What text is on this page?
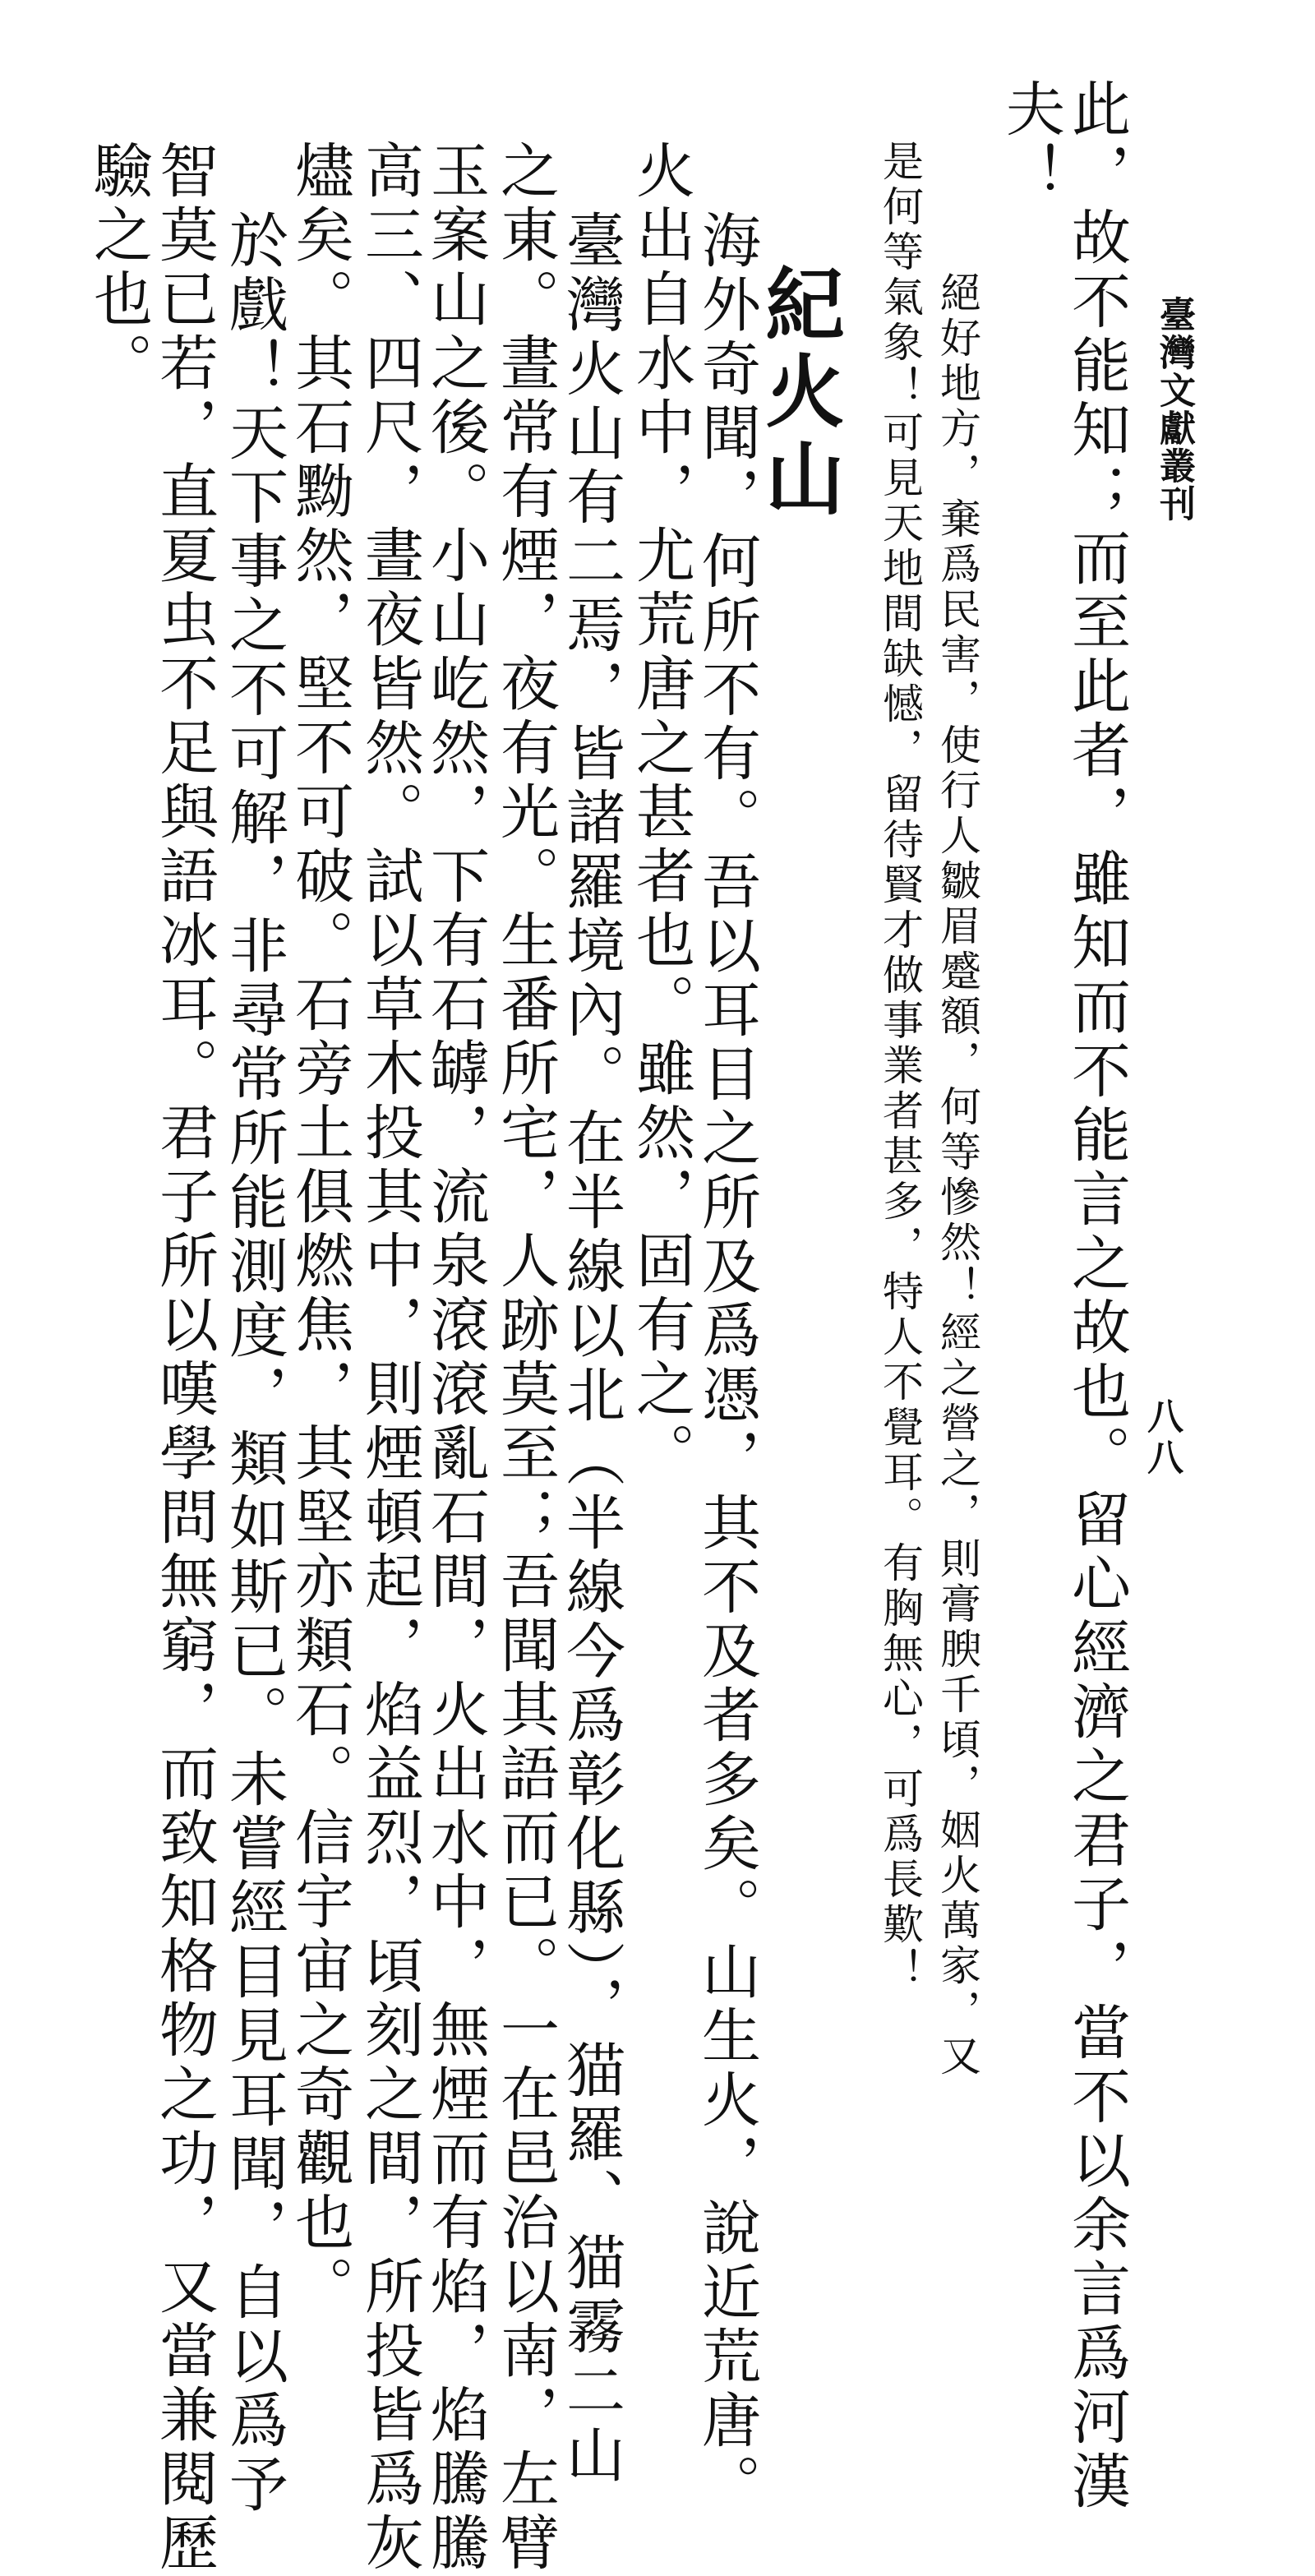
臺灣文獻叢刊
八八
此，故不能知；而至此者，雖知而不能言之故也。留心經濟之君子，當不以余言爲河漢
夫！
絕好地方，棄爲民害，使行人皺眉蹙額，何等慘然！經之營之，則膏腴千頃，姻火萬家，又
是何等氣象！可見天地間缺憾，留待賢才做事業者甚多，特人不覺耳。有胸無心，可爲長歎！
紀火山
海外奇聞，何所不有。吾以耳目之所及爲憑，其不及者多矣。山生火，說近荒唐。
火出自水中，尤荒唐之甚者也。雖然，固有之。
臺灣火山有二焉，皆諸羅境內。在半線以北（半線今爲彰化縣），猫羅、猫霧二山
之東。晝常有煙，夜有光。生番所宅，人跡莫至；吾聞其語而已。一在邑治以南，左臂
玉案山之後。小山屹然，下有石罅，流泉滾滾亂石間，火出水中，無煙而有焰，焰騰騰
高三、四尺，晝夜皆然。試以草木投其中，則煙頓起，焰益烈，頃刻之間，所投皆爲灰
燼矣。其石黝然，堅不可破。石旁土俱燃焦，其堅亦類石。信宇宙之奇觀也。
於戲！天下事之不可解，非尋常所能測度，類如斯已。未嘗經目見耳聞，自以爲予
智莫已若，直夏虫不足與語冰耳。君子所以嘆學問無窮，而致知格物之功，又當兼閱歷
驗之也。
